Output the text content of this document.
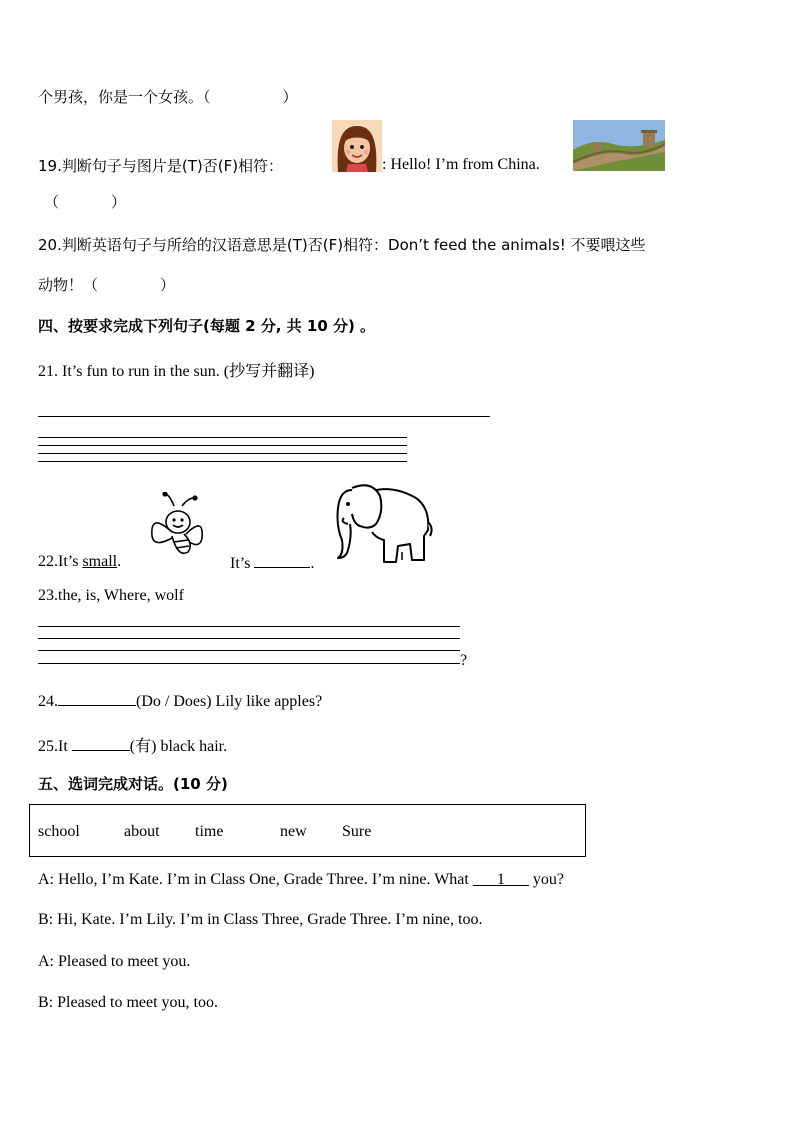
个男孩，你是一个女孩。（	）
19.判断句子与图片是(T)否(F)相符：	: Hello! I’m from China.
（	）
20.判断英语句子与所给的汉语意思是(T)否(F)相符：Don’t feed the animals! 不要喂这些
动物！（	）
四、按要求完成下列句子(每题 2 分, 共 10 分) 。
21. It’s fun to run in the sun. (抄写并翻译)
22.It’s small.	It’s	.
23.the, is, Where, wolf
?
24.	(Do / Does) Lily like apples?
25.It	(有) black hair.
五、选词完成对话。(10 分)
school	about time	new Sure
A: Hello, I’m Kate. I’m in Class One, Grade Three. I’m nine. What   1   you?
B: Hi, Kate. I’m Lily. I’m in Class Three, Grade Three. I’m nine, too.
A: Pleased to meet you.
B: Pleased to meet you, too.
